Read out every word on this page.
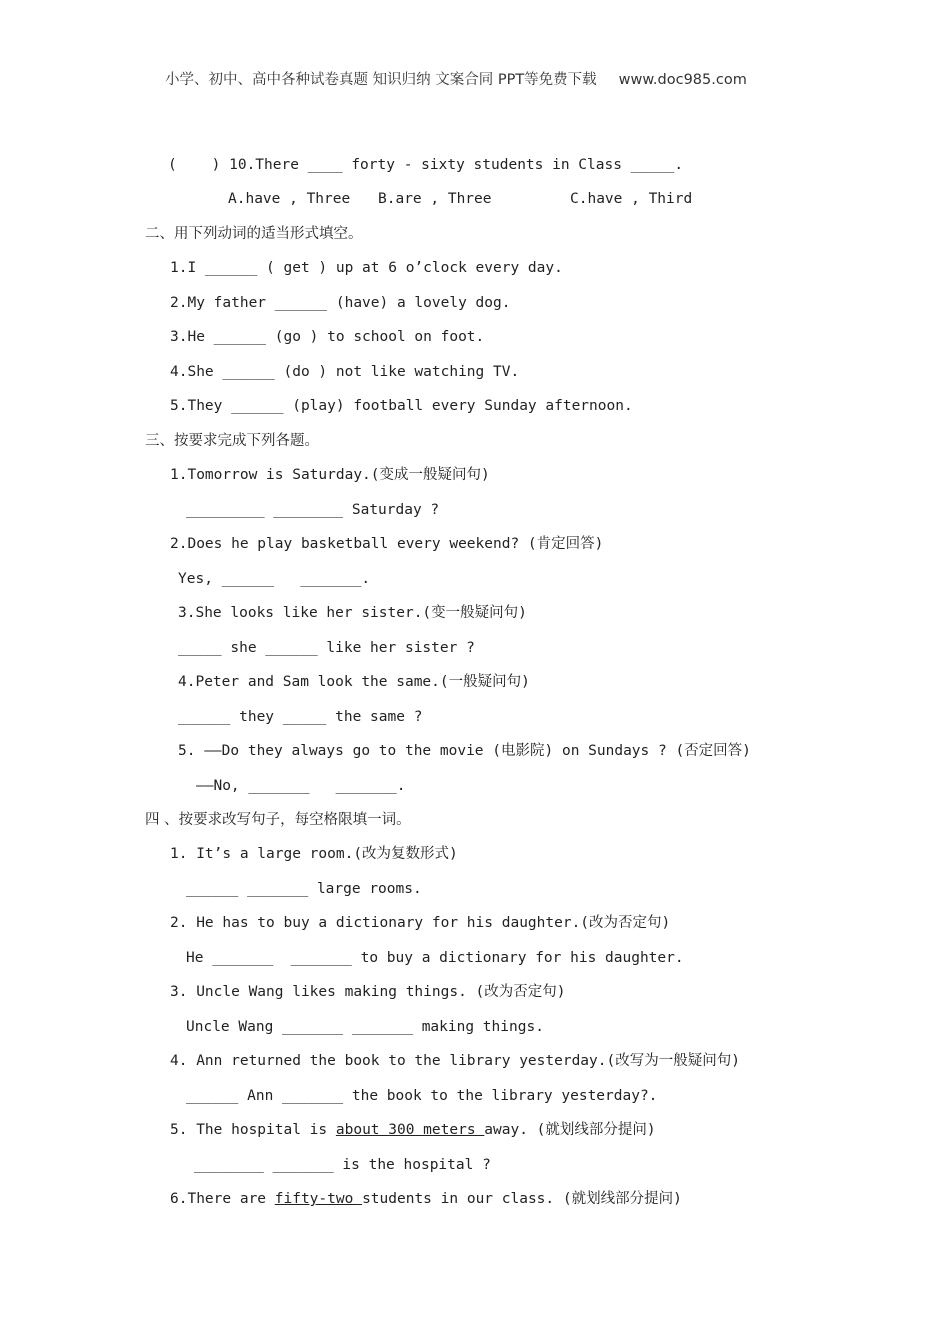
小学、初中、高中各种试卷真题 知识归纳 文案合同 PPT等免费下载 www.doc985.com
(    ) 10.There ____ forty - sixty students in Class _____.
A.have , Three B.are , Three	C.have , Third
二、用下列动词的适当形式填空。
1.I ______ ( get ) up at 6 o’clock every day.
2.My father ______ (have) a lovely dog.
3.He ______ (go ) to school on foot.
4.She ______ (do ) not like watching TV.
5.They ______ (play) football every Sunday afternoon.
三、按要求完成下列各题。
1.Tomorrow is Saturday.(变成一般疑问句)
_________ ________ Saturday ?
2.Does he play basketball every weekend? (肯定回答)
Yes, ______   _______.
3.She looks like her sister.(变一般疑问句)
_____ she ______ like her sister ?
4.Peter and Sam look the same.(一般疑问句)
______ they _____ the same ?
5. ——Do they always go to the movie (电影院) on Sundays ? (否定回答)
——No, _______   _______.
四 、按要求改写句子，每空格限填一词。
1. It’s a large room.(改为复数形式)
______ _______ large rooms.
2. He has to buy a dictionary for his daughter.(改为否定句)
He _______  _______ to buy a dictionary for his daughter.
3. Uncle Wang likes making things. (改为否定句)
Uncle Wang _______ _______ making things.
4. Ann returned the book to the library yesterday.(改写为一般疑问句)
______ Ann _______ the book to the library yesterday?.
5. The hospital is about 300 meters away. (就划线部分提问)
________ _______ is the hospital ?
6.There are fifty-two students in our class. (就划线部分提问)
